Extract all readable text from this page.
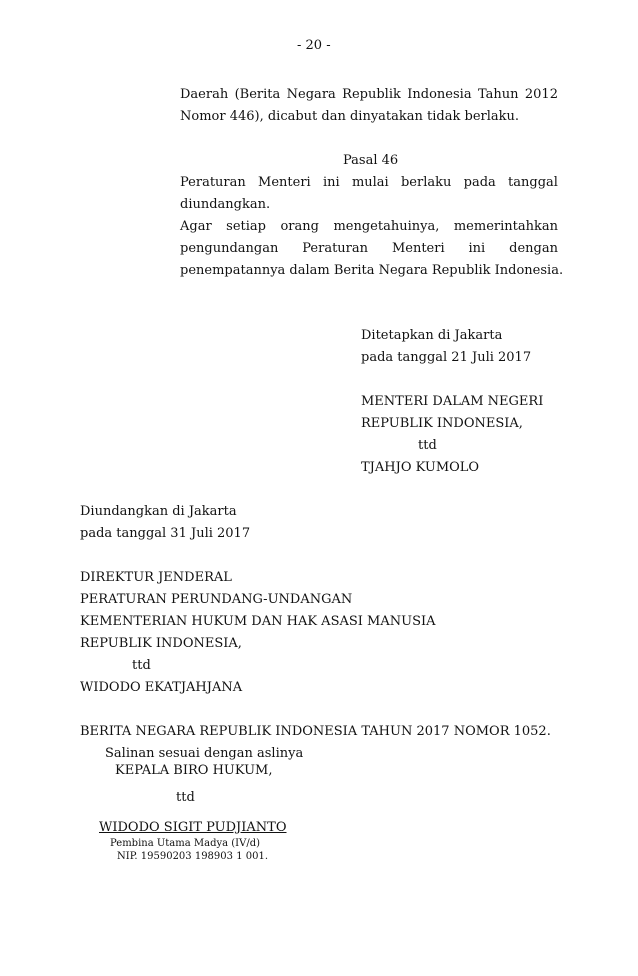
- 20 -
Daerah (Berita Negara Republik Indonesia Tahun 2012
Nomor 446), dicabut dan dinyatakan tidak berlaku.
Pasal 46
Peraturan Menteri ini mulai berlaku pada tanggal
diundangkan.
Agar setiap orang mengetahuinya, memerintahkan
pengundangan Peraturan Menteri ini dengan
penempatannya dalam Berita Negara Republik Indonesia.
Ditetapkan di Jakarta
pada tanggal 21 Juli 2017
MENTERI DALAM NEGERI
REPUBLIK INDONESIA,
ttd
TJAHJO KUMOLO
Diundangkan di Jakarta
pada tanggal 31 Juli 2017
DIREKTUR JENDERAL
PERATURAN PERUNDANG-UNDANGAN
KEMENTERIAN HUKUM DAN HAK ASASI MANUSIA
REPUBLIK INDONESIA,
ttd
WIDODO EKATJAHJANA
BERITA NEGARA REPUBLIK INDONESIA TAHUN 2017 NOMOR 1052.
Salinan sesuai dengan aslinya
KEPALA BIRO HUKUM,
ttd
WIDODO SIGIT PUDJIANTO
Pembina Utama Madya (IV/d)
NIP. 19590203 198903 1 001.
